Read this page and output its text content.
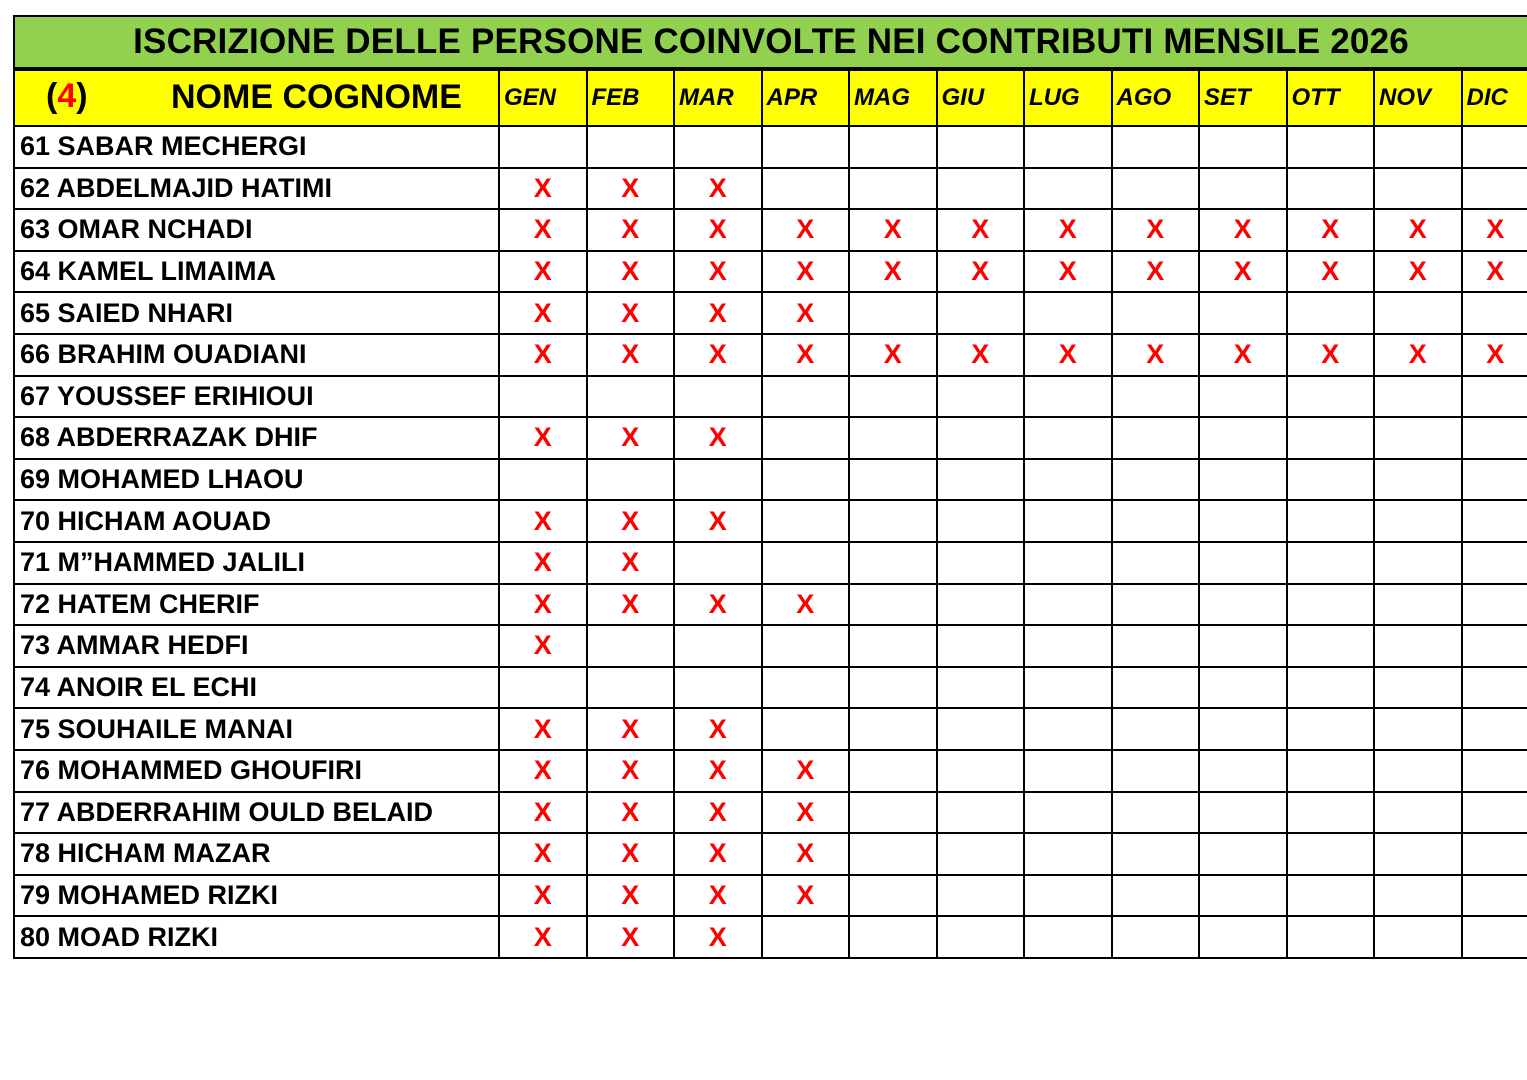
ISCRIZIONE DELLE PERSONE COINVOLTE NEI CONTRIBUTI MENSILE 2026
(4) NOME COGNOME	GEN	FEB	MAR	APR	MAG	GIU	LUG	AGO	SET	OTT	NOV	DIC
61 SABAR MECHERGI												
62 ABDELMAJID HATIMI	X	X	X									
63 OMAR NCHADI	X	X	X	X	X	X	X	X	X	X	X	X
64 KAMEL LIMAIMA	X	X	X	X	X	X	X	X	X	X	X	X
65 SAIED NHARI	X	X	X	X								
66 BRAHIM OUADIANI	X	X	X	X	X	X	X	X	X	X	X	X
67 YOUSSEF ERIHIOUI												
68 ABDERRAZAK DHIF	X	X	X									
69 MOHAMED LHAOU												
70 HICHAM AOUAD	X	X	X									
71 M”HAMMED JALILI	X	X										
72 HATEM CHERIF	X	X	X	X								
73 AMMAR HEDFI	X											
74 ANOIR EL ECHI												
75 SOUHAILE MANAI	X	X	X									
76 MOHAMMED GHOUFIRI	X	X	X	X								
77 ABDERRAHIM OULD BELAID	X	X	X	X								
78 HICHAM MAZAR	X	X	X	X								
79 MOHAMED RIZKI	X	X	X	X								
80 MOAD RIZKI	X	X	X									
